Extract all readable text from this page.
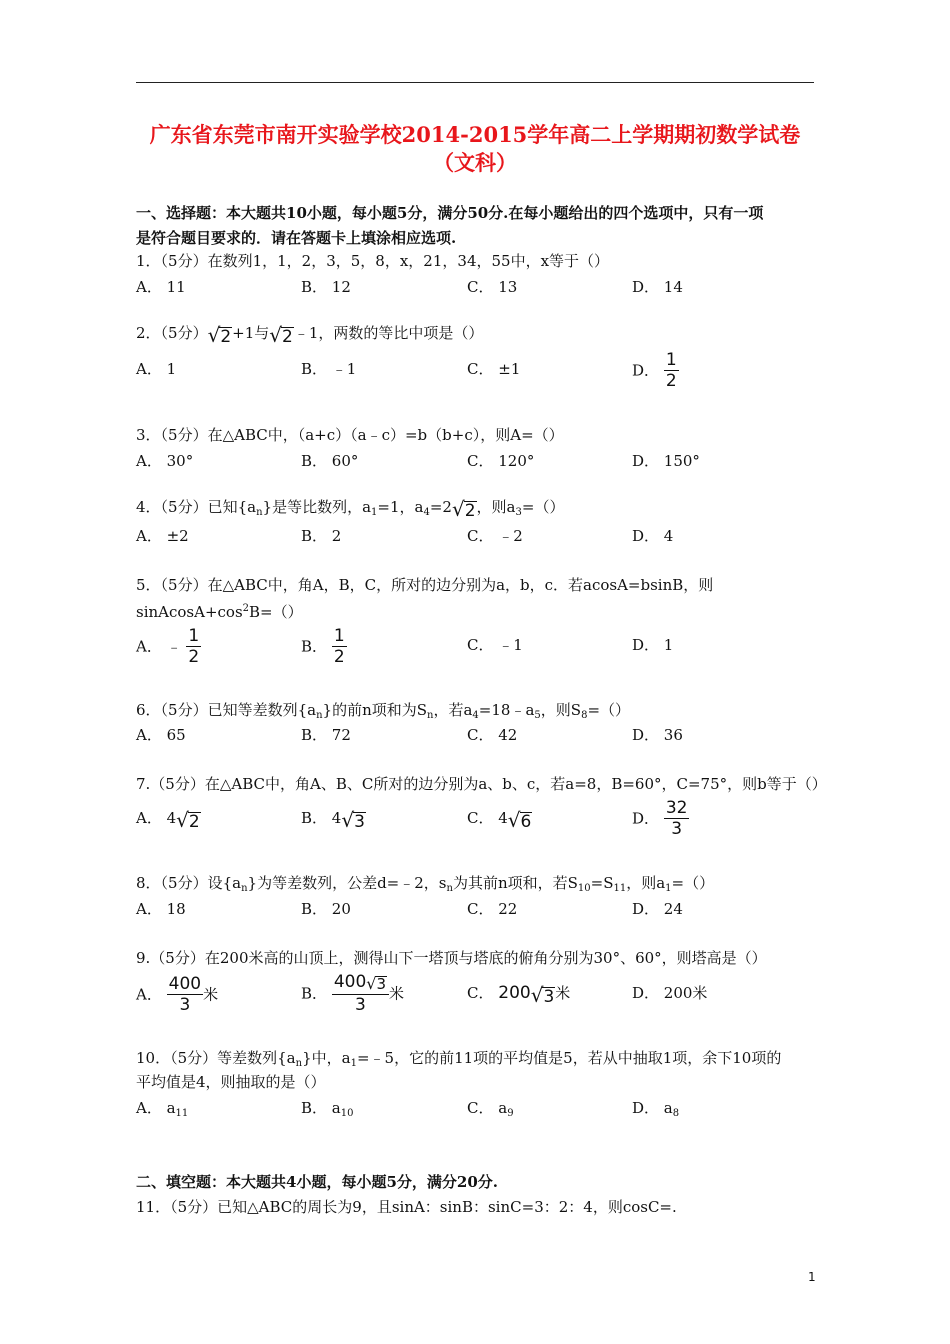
广东省东莞市南开实验学校2014-2015学年高二上学期期初数学试卷
（文科）
一、选择题：本大题共10小题，每小题5分，满分50分.在每小题给出的四个选项中，只有一项
是符合题目要求的．请在答题卡上填涂相应选项.
1．（5分）在数列1，1，2，3，5，8，x，21，34，55中，x等于（）
A． 11	B． 12	C． 13	D． 14
2．（5分）√2+1与√2﹣1，两数的等比中项是（）
A． 1	B． ﹣1	C． ±1	D． $\frac{1}{2}$
3．（5分）在△ABC中，（a+c）（a﹣c）=b（b+c），则A=（）
A． 30°	B． 60°	C． 120°	D． 150°
4．（5分）已知$\{a_n\}$是等比数列，$a_1=1$，$a_4=2√2$，则$a_3=()$
A． ±2	B． 2	C． ﹣2	D． 4
5．（5分）在△ABC中，角A，B，C，所对的边分别为a，b，c．若acosA=bsinB，则
$sinAcosA+\cos^2B=()$
A． ﹣ $\frac{1}{2}$	B． $\frac{1}{2}$	C． ﹣1	D． 1
6．（5分）已知等差数列$\{a_n\}$的前n项和为$S_n$，若$a_4=18﹣a_5$，则$S_8=()$
A． 65	B． 72	C． 42	D． 36
7.（5分）在△ABC中，角A、B、C所对的边分别为a、b、c，若a=8，B=60°，C=75°，则b等于（）
A． 4√2	B． 4√3	C． 4√6	D． $\frac{32}{3}$
8．（5分）设$\{a_n\}$为等差数列，公差d=﹣2，$s_n$为其前n项和，若$S_{10}=S_{11}$，则$a_1=()$
A． 18	B． 20	C． 22	D． 24
9.（5分）在200米高的山顶上，测得山下一塔顶与塔底的俯角分别为30°、60°，则塔高是（）
A． $\frac{400}{3}$ 米	B． $\frac{400√3}{3}$ 米	C． 200√3米	D． 200米
10．（5分）等差数列$\{a_n\}$中，$a_1=﹣5$，它的前11项的平均值是5，若从中抽取1项，余下10项的
平均值是4，则抽取的是（）
A． $a_{11}$	B． $a_{10}$	C． $a_9$	D． $a_8$
二、填空题：本大题共4小题，每小题5分，满分20分.
11．（5分）已知△ABC的周长为9，且sinA：sinB：sinC=3：2：4，则cosC=.
1
